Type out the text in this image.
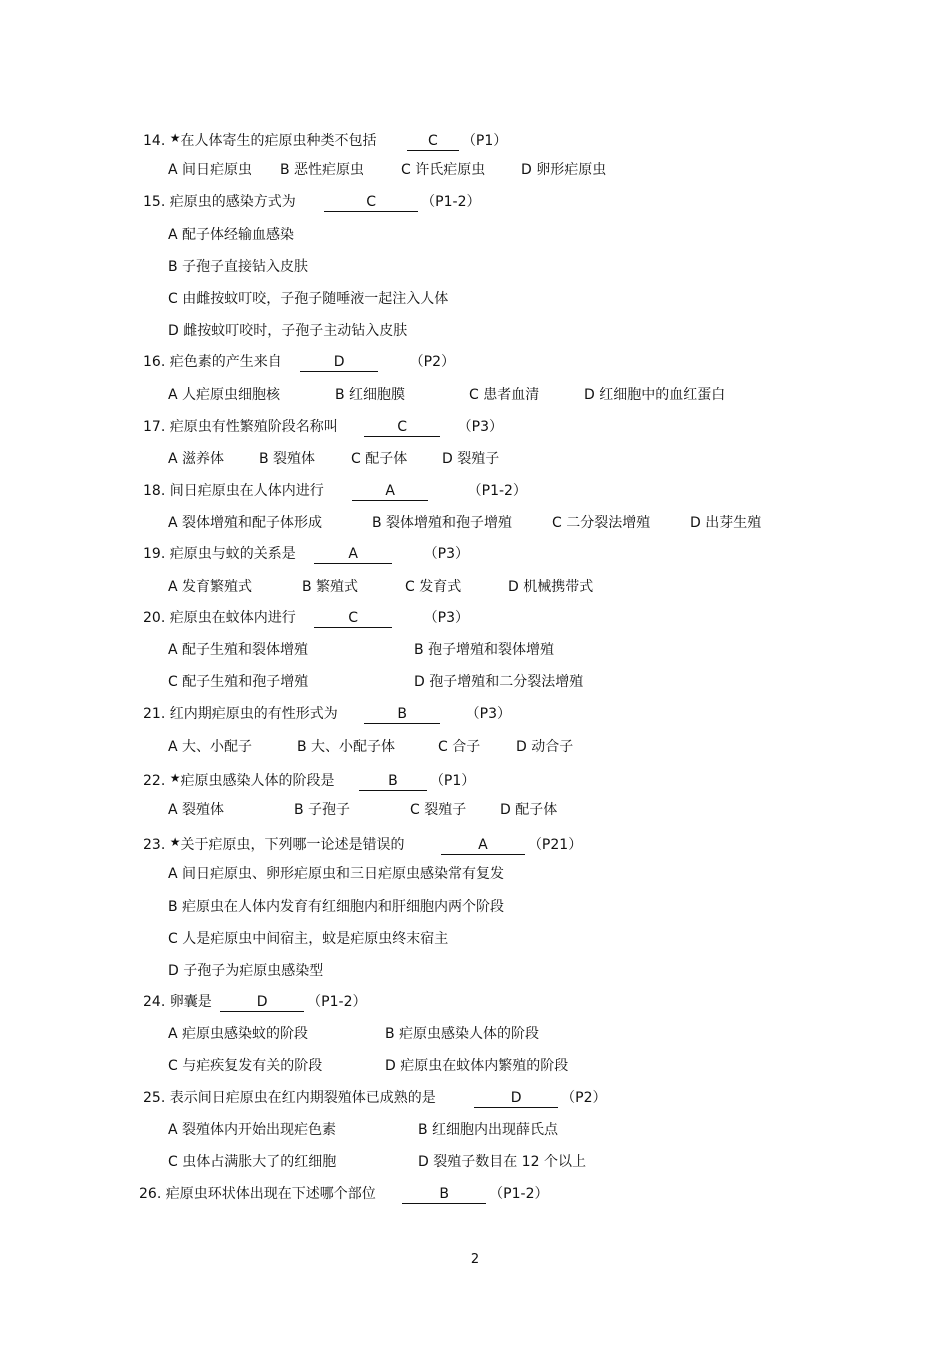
14. ★在人体寄生的疟原虫种类不包括	C （P1）
A 间日疟原虫 B 恶性疟原虫	C 许氏疟原虫	D 卵形疟原虫
15. 疟原虫的感染方式为	C	（P1-2）
A 配子体经输血感染
B 子孢子直接钻入皮肤
C 由雌按蚊叮咬，子孢子随唾液一起注入人体
D 雌按蚊叮咬时，子孢子主动钻入皮肤
16. 疟色素的产生来自	D	（P2）
A 人疟原虫细胞核	B 红细胞膜	C 患者血清	D 红细胞中的血红蛋白
17. 疟原虫有性繁殖阶段名称叫	C	（P3）
A 滋养体 B 裂殖体	C 配子体 D 裂殖子
18. 间日疟原虫在人体内进行	A	（P1-2）
A 裂体增殖和配子体形成	B 裂体增殖和孢子增殖	C 二分裂法增殖	D 出芽生殖
19. 疟原虫与蚊的关系是	A	（P3）
A 发育繁殖式	B 繁殖式	C 发育式	D 机械携带式
20. 疟原虫在蚊体内进行	C	（P3）
A 配子生殖和裂体增殖	B 孢子增殖和裂体增殖
C 配子生殖和孢子增殖	D 孢子增殖和二分裂法增殖
21. 红内期疟原虫的有性形式为	B	（P3）
A 大、小配子	B 大、小配子体	C 合子	D 动合子
22. ★疟原虫感染人体的阶段是	B （P1）
A 裂殖体	B 子孢子	C 裂殖子 D 配子体
23. ★关于疟原虫，下列哪一论述是错误的	A	（P21）
A 间日疟原虫、卵形疟原虫和三日疟原虫感染常有复发
B 疟原虫在人体内发育有红细胞内和肝细胞内两个阶段
C 人是疟原虫中间宿主，蚊是疟原虫终末宿主
D 子孢子为疟原虫感染型
24. 卵囊是	D	（P1-2）
A 疟原虫感染蚊的阶段	B 疟原虫感染人体的阶段
C 与疟疾复发有关的阶段	D 疟原虫在蚊体内繁殖的阶段
25. 表示间日疟原虫在红内期裂殖体已成熟的是	D	（P2）
A 裂殖体内开始出现疟色素	B 红细胞内出现薛氏点
C 虫体占满胀大了的红细胞	D 裂殖子数目在 12 个以上
26. 疟原虫环状体出现在下述哪个部位	B	（P1-2）
2
